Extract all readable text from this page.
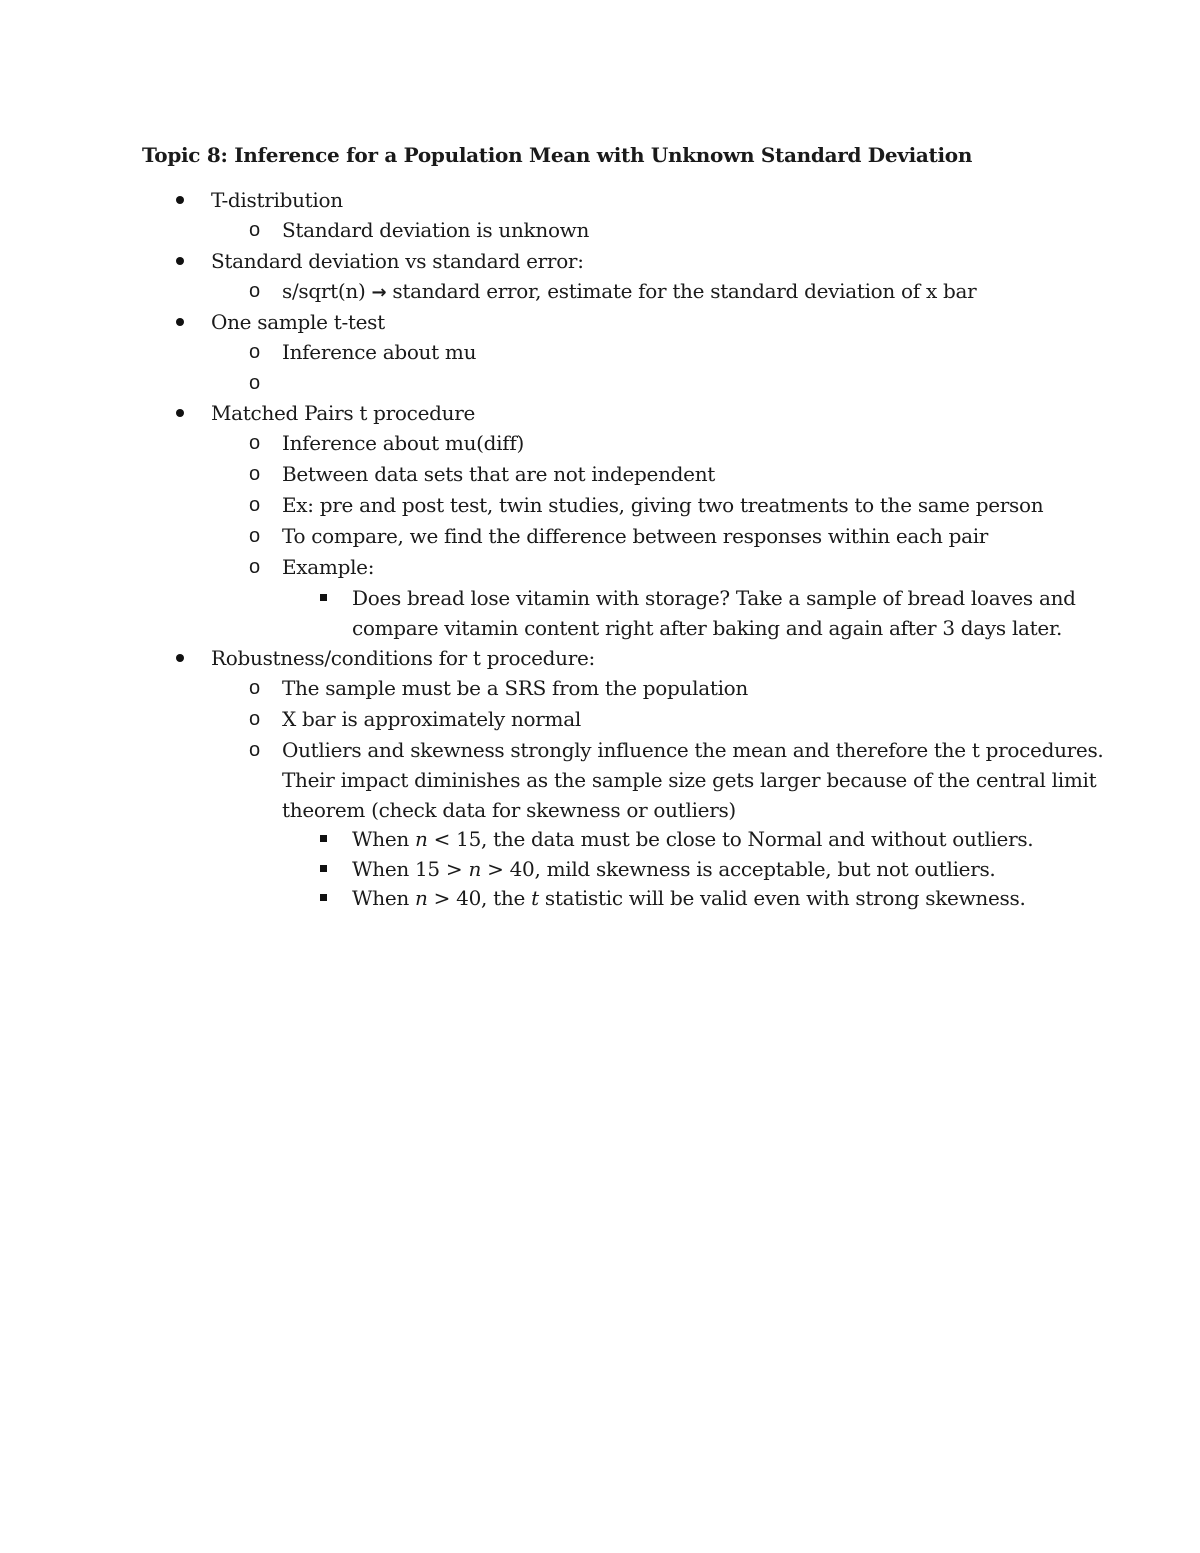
Topic 8: Inference for a Population Mean with Unknown Standard Deviation
T-distribution
o Standard deviation is unknown
Standard deviation vs standard error:
o s/sqrt(n) → standard error, estimate for the standard deviation of x bar
One sample t-test
o Inference about mu
o
Matched Pairs t procedure
o Inference about mu(diff)
o Between data sets that are not independent
o Ex: pre and post test, twin studies, giving two treatments to the same person
o To compare, we find the difference between responses within each pair
o Example:
Does bread lose vitamin with storage? Take a sample of bread loaves and
compare vitamin content right after baking and again after 3 days later.
Robustness/conditions for t procedure:
o The sample must be a SRS from the population
o X bar is approximately normal
o Outliers and skewness strongly influence the mean and therefore the t procedures.
Their impact diminishes as the sample size gets larger because of the central limit
theorem (check data for skewness or outliers)
When n < 15, the data must be close to Normal and without outliers.
When 15 > n > 40, mild skewness is acceptable, but not outliers.
When n > 40, the t statistic will be valid even with strong skewness.
